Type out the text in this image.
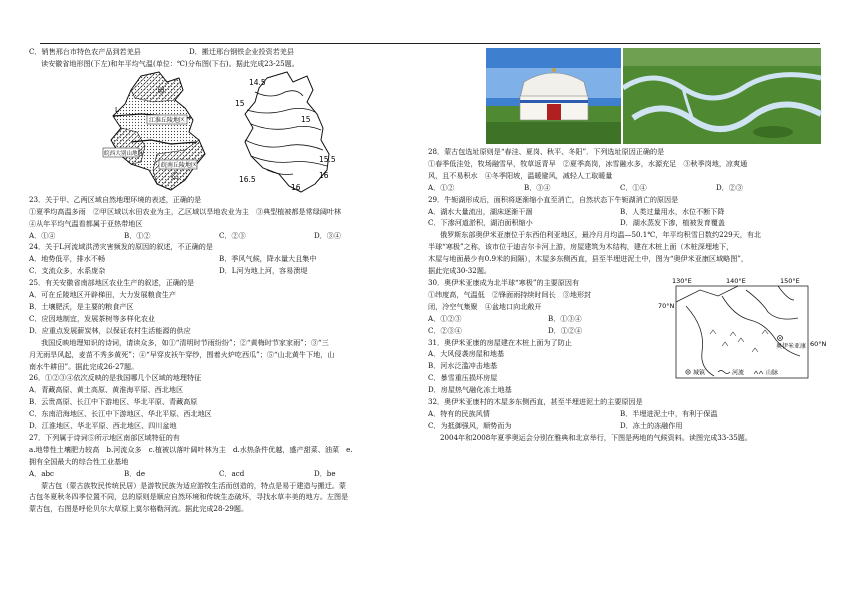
C．销售邢台市特色农产品到若羌县	D．搬迁邢台钢铁企业投资若羌县
读安徽省地形图(下左)和年平均气温(单位：℃)分布图(下右)。据此完成23-25题。
江淮丘陵地区
皖西大别山地区
皖南丘陵地区
甲
乙
L
14.5
15
15
15.5
16
16
16.5
23．关于甲、乙两区域自然地理环境的表述，正确的是
①夏季均高温多雨　②甲区域以水田农业为主，乙区域以旱地农业为主　③典型植被都是常绿阔叶林
④从年平均气温看都属于亚热带地区
A．①④	B．①②	C．②③	D．③④
24．关于L河流域洪涝灾害频发的原因的叙述，不正确的是
A．地势低平，排水不畅	B．季风气候，降水量大且集中
C．支流众多，水系庞杂	D．L河为地上河，容易溃堤
25．有关安徽省南部地区农业生产的叙述，正确的是
A．可在丘陵地区开辟梯田，大力发展粮食生产
B．土壤肥沃，是主要的粮食产区
C．应因地制宜，发展茶树等多样化农业
D．应重点发展薪炭林，以保证农村生活能源的供应
我国反映地理知识的诗词，请读众多，如①“清明时节雨纷纷”；②“黄梅时节家家雨”；③“三
月无雨旱风起，麦苗不秀多黄死”；④“早穿皮袄午穿纱，围着火炉吃西瓜”；⑤“山北黄牛下地，山
南水牛耕田”。据此完成26-27题。
26．①②③④依次反映的是我国哪几个区域的地理特征
A．青藏高原、黄土高原、黄淮海平原、西北地区
B．云贵高原、长江中下游地区、华北平原、青藏高原
C．东南沿海地区、长江中下游地区、华北平原、西北地区
D．江淮地区、华北平原、西北地区、四川盆地
27．下列属于诗词⑤所示地区南部区域特征的有
a.地带性土壤肥力较高　b.河流众多　c.植被以落叶阔叶林为主　d.水热条件优越，盛产甜菜、油菜　e.
拥有全国最大的综合性工业基地
A．abc	B．de	C．acd	D．be
蒙古包（蒙古族牧民传统民居）是游牧民族为适应游牧生活而创造的，特点是易于建造与搬迁。蒙
古包冬夏秋冬四季位置不同，总的原则是顺应自然环境和传统生态破坏，寻找水草丰美的地方。左图是
蒙古包，右图是呼伦贝尔大草原上莫尔格勒河流。据此完成28-29题。
28．蒙古包选址原则是“春洼、夏岗、秋平、冬阳”．下列选址原因正确的是
①春季低洼处，牧场融雪早，牧草返青早　②夏季高岗，冰雪融水多，水源充足　③秋季岗地，凉爽通
风，且不易积水　④冬季阳坡，温暖避风，减轻人工取暖量
A．①②	B．③④	C．①④	D．②③
29．牛轭湖形成后，面积将逐渐缩小直至消亡，自然状态下牛轭湖消亡的原因是
A．湖水大量流出，湖床逐渐干涸	B．人类过量用水，水位不断下降
C．下渗河道淤积，湖泊面积缩小	D．湖水蒸发下渗，植被发育覆盖
俄罗斯东部奥伊米亚康位于东西伯利亚地区，最冷月月均温—50.1℃，年平均积雪日数约229天，有北
半球“寒极”之称，该市位于迪吉尔卡河上游，房屋建筑为木结构，建在木桩上面（木桩深埋地下，
木屋与地面最少有0.9米的间隔），木屋多东侧西直，县至半埋进泥土中，图为“奥伊米亚康区域略图”，
据此完成30-32题。
30．奥伊米亚康成为北半球“寒极”的主要原因有
①纬度高，气温低　②锋面雨持续时间长　③地形封
闭，冷空气集聚　④盆地口向北敞开
A．①②③	B．①③④
C．②③④	D．①②④
31．奥伊米亚康的房屋建在木桩上面为了防止
A．大风侵袭房屋和地基
B．河水泛滥冲击地基
C．暴雪重压损坏房屋
130°E	140°E	150°E
70°N
60°N
奥伊米亚康
城镇	河流	山脉
D．房屋热气融化冻土地基
32．奥伊米亚康村的木屋多东侧西直，甚至半埋进泥土的主要原因是
A．特有的民族风情	B．半埋进泥土中，有利于保温
C．为抵御强风，顺势而为	D．冻土的冻融作用
2004年和2008年夏季奥运会分别在雅典和北京举行，下图是两地的气候资料。读图完成33-35题。
